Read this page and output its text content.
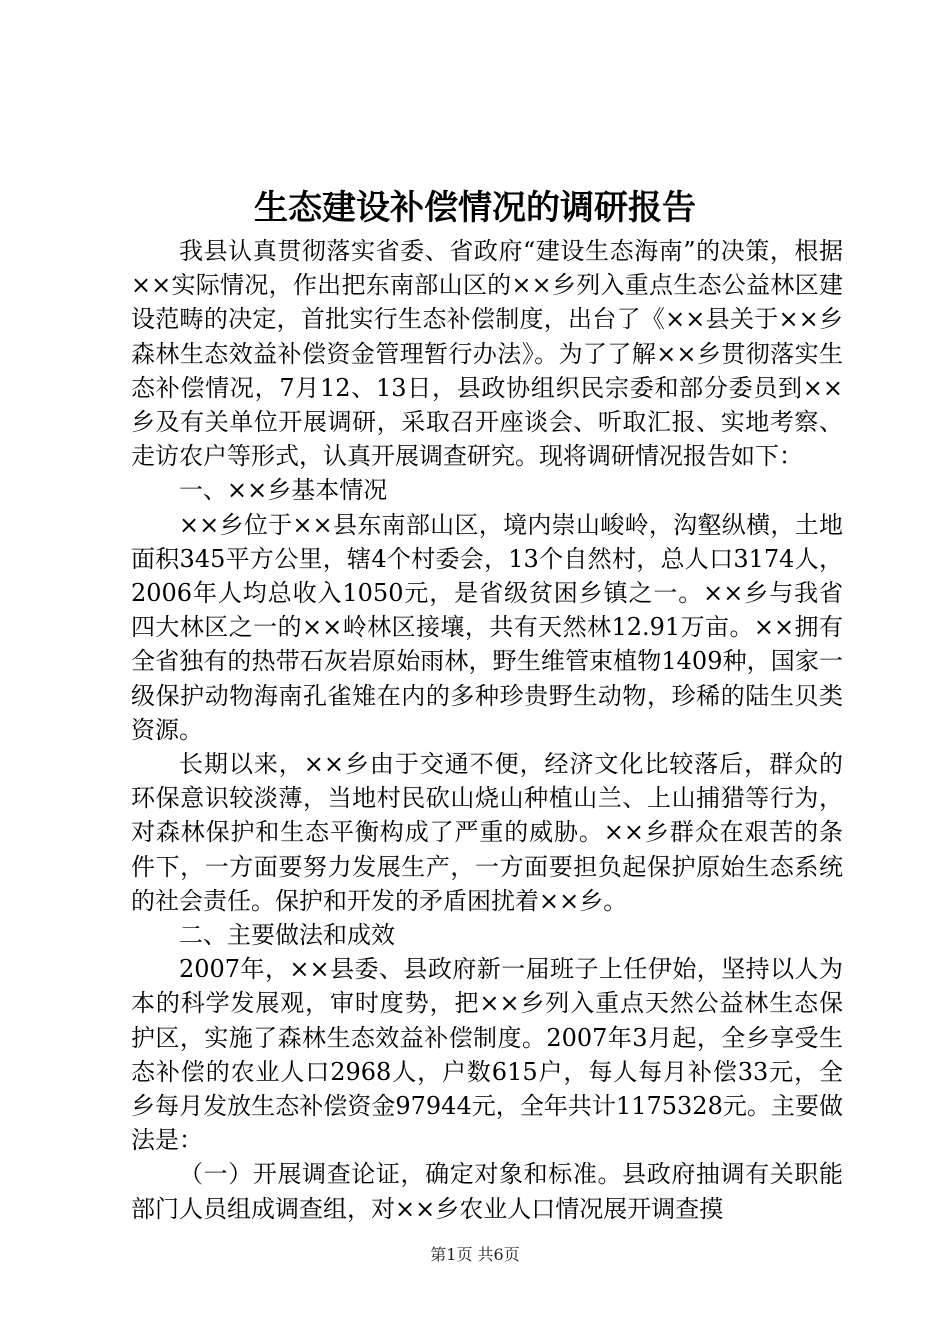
生态建设补偿情况的调研报告

我县认真贯彻落实省委、省政府“建设生态海南”的决策，根据××实际情况，作出把东南部山区的××乡列入重点生态公益林区建设范畴的决定，首批实行生态补偿制度，出台了《××县关于××乡森林生态效益补偿资金管理暂行办法》。为了了解××乡贯彻落实生态补偿情况，7月12、13日，县政协组织民宗委和部分委员到××乡及有关单位开展调研，采取召开座谈会、听取汇报、实地考察、走访农户等形式，认真开展调查研究。现将调研情况报告如下：

一、××乡基本情况

××乡位于××县东南部山区，境内崇山峻岭，沟壑纵横，土地面积345平方公里，辖4个村委会，13个自然村，总人口3174人，2006年人均总收入1050元，是省级贫困乡镇之一。××乡与我省四大林区之一的××岭林区接壤，共有天然林12.91万亩。××拥有全省独有的热带石灰岩原始雨林，野生维管束植物1409种，国家一级保护动物海南孔雀雉在内的多种珍贵野生动物，珍稀的陆生贝类资源。

长期以来，××乡由于交通不便，经济文化比较落后，群众的环保意识较淡薄，当地村民砍山烧山种植山兰、上山捕猎等行为，对森林保护和生态平衡构成了严重的威胁。××乡群众在艰苦的条件下，一方面要努力发展生产，一方面要担负起保护原始生态系统的社会责任。保护和开发的矛盾困扰着××乡。

二、主要做法和成效

2007年，××县委、县政府新一届班子上任伊始，坚持以人为本的科学发展观，审时度势，把××乡列入重点天然公益林生态保护区，实施了森林生态效益补偿制度。2007年3月起，全乡享受生态补偿的农业人口2968人，户数615户，每人每月补偿33元，全乡每月发放生态补偿资金97944元，全年共计1175328元。主要做法是：

（一）开展调查论证，确定对象和标准。县政府抽调有关职能部门人员组成调查组，对××乡农业人口情况展开调查摸

第1页 共6页
